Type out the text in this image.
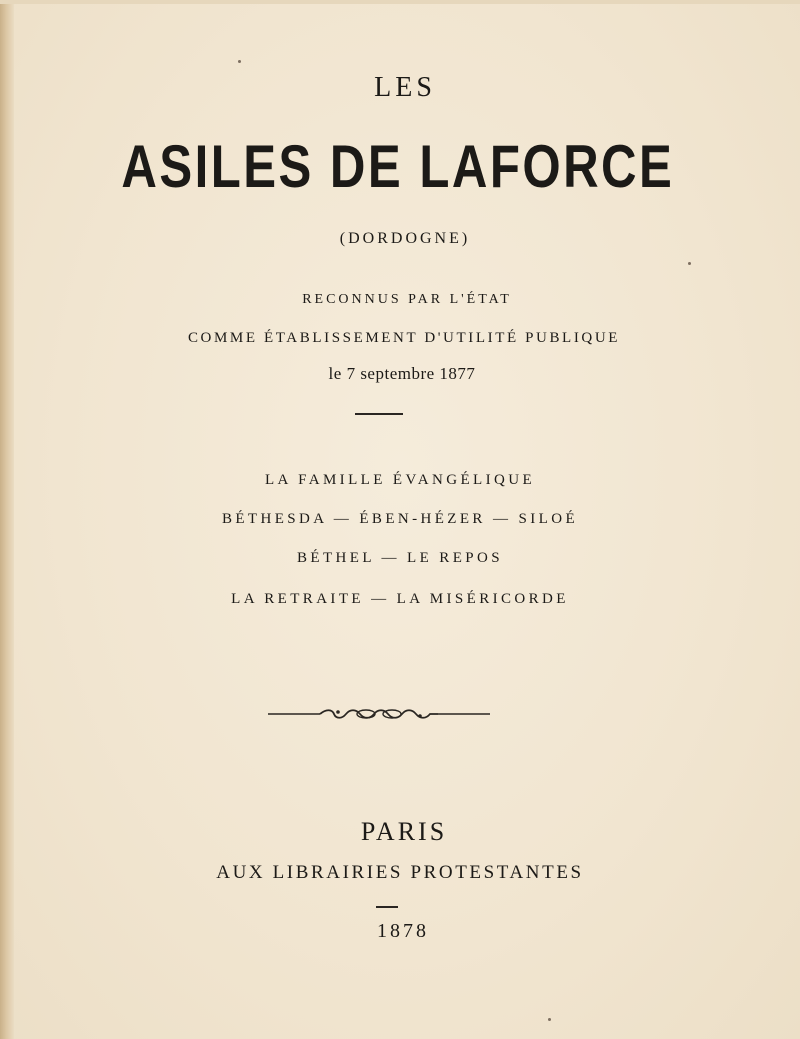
LES
ASILES DE LAFORCE
(DORDOGNE)
RECONNUS PAR L'ÉTAT
COMME ÉTABLISSEMENT D'UTILITÉ PUBLIQUE
le 7 septembre 1877
LA FAMILLE ÉVANGÉLIQUE
BÉTHESDA — ÉBEN-HÉZER — SILOÉ
BÉTHEL — LE REPOS
LA RETRAITE — LA MISÉRICORDE
PARIS
AUX LIBRAIRIES PROTESTANTES
1878
